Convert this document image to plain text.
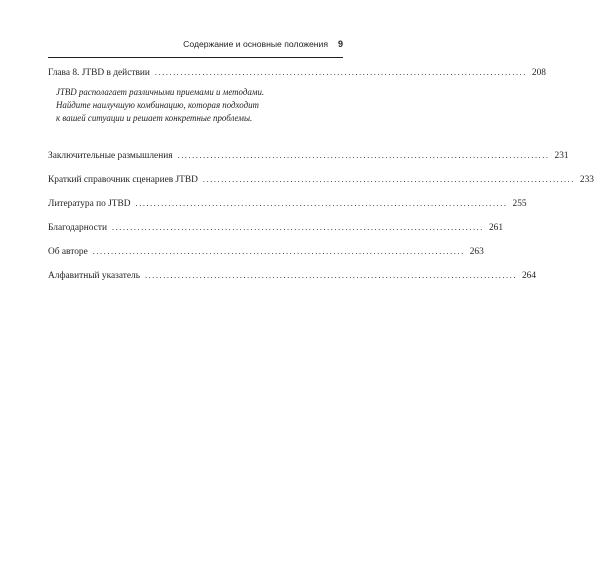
Содержание и основные положения 9
Глава 8. JTBD в действии ...................................................................................................... 208
JTBD располагает различными приемами и методами.
Найдите наилучшую комбинацию, которая подходит
к вашей ситуации и решает конкретные проблемы.
Заключительные размышления ...................................................................................................... 231
Краткий справочник сценариев JTBD ...................................................................................................... 233
Литература по JTBD ...................................................................................................... 255
Благодарности ...................................................................................................... 261
Об авторе ...................................................................................................... 263
Алфавитный указатель ...................................................................................................... 264
